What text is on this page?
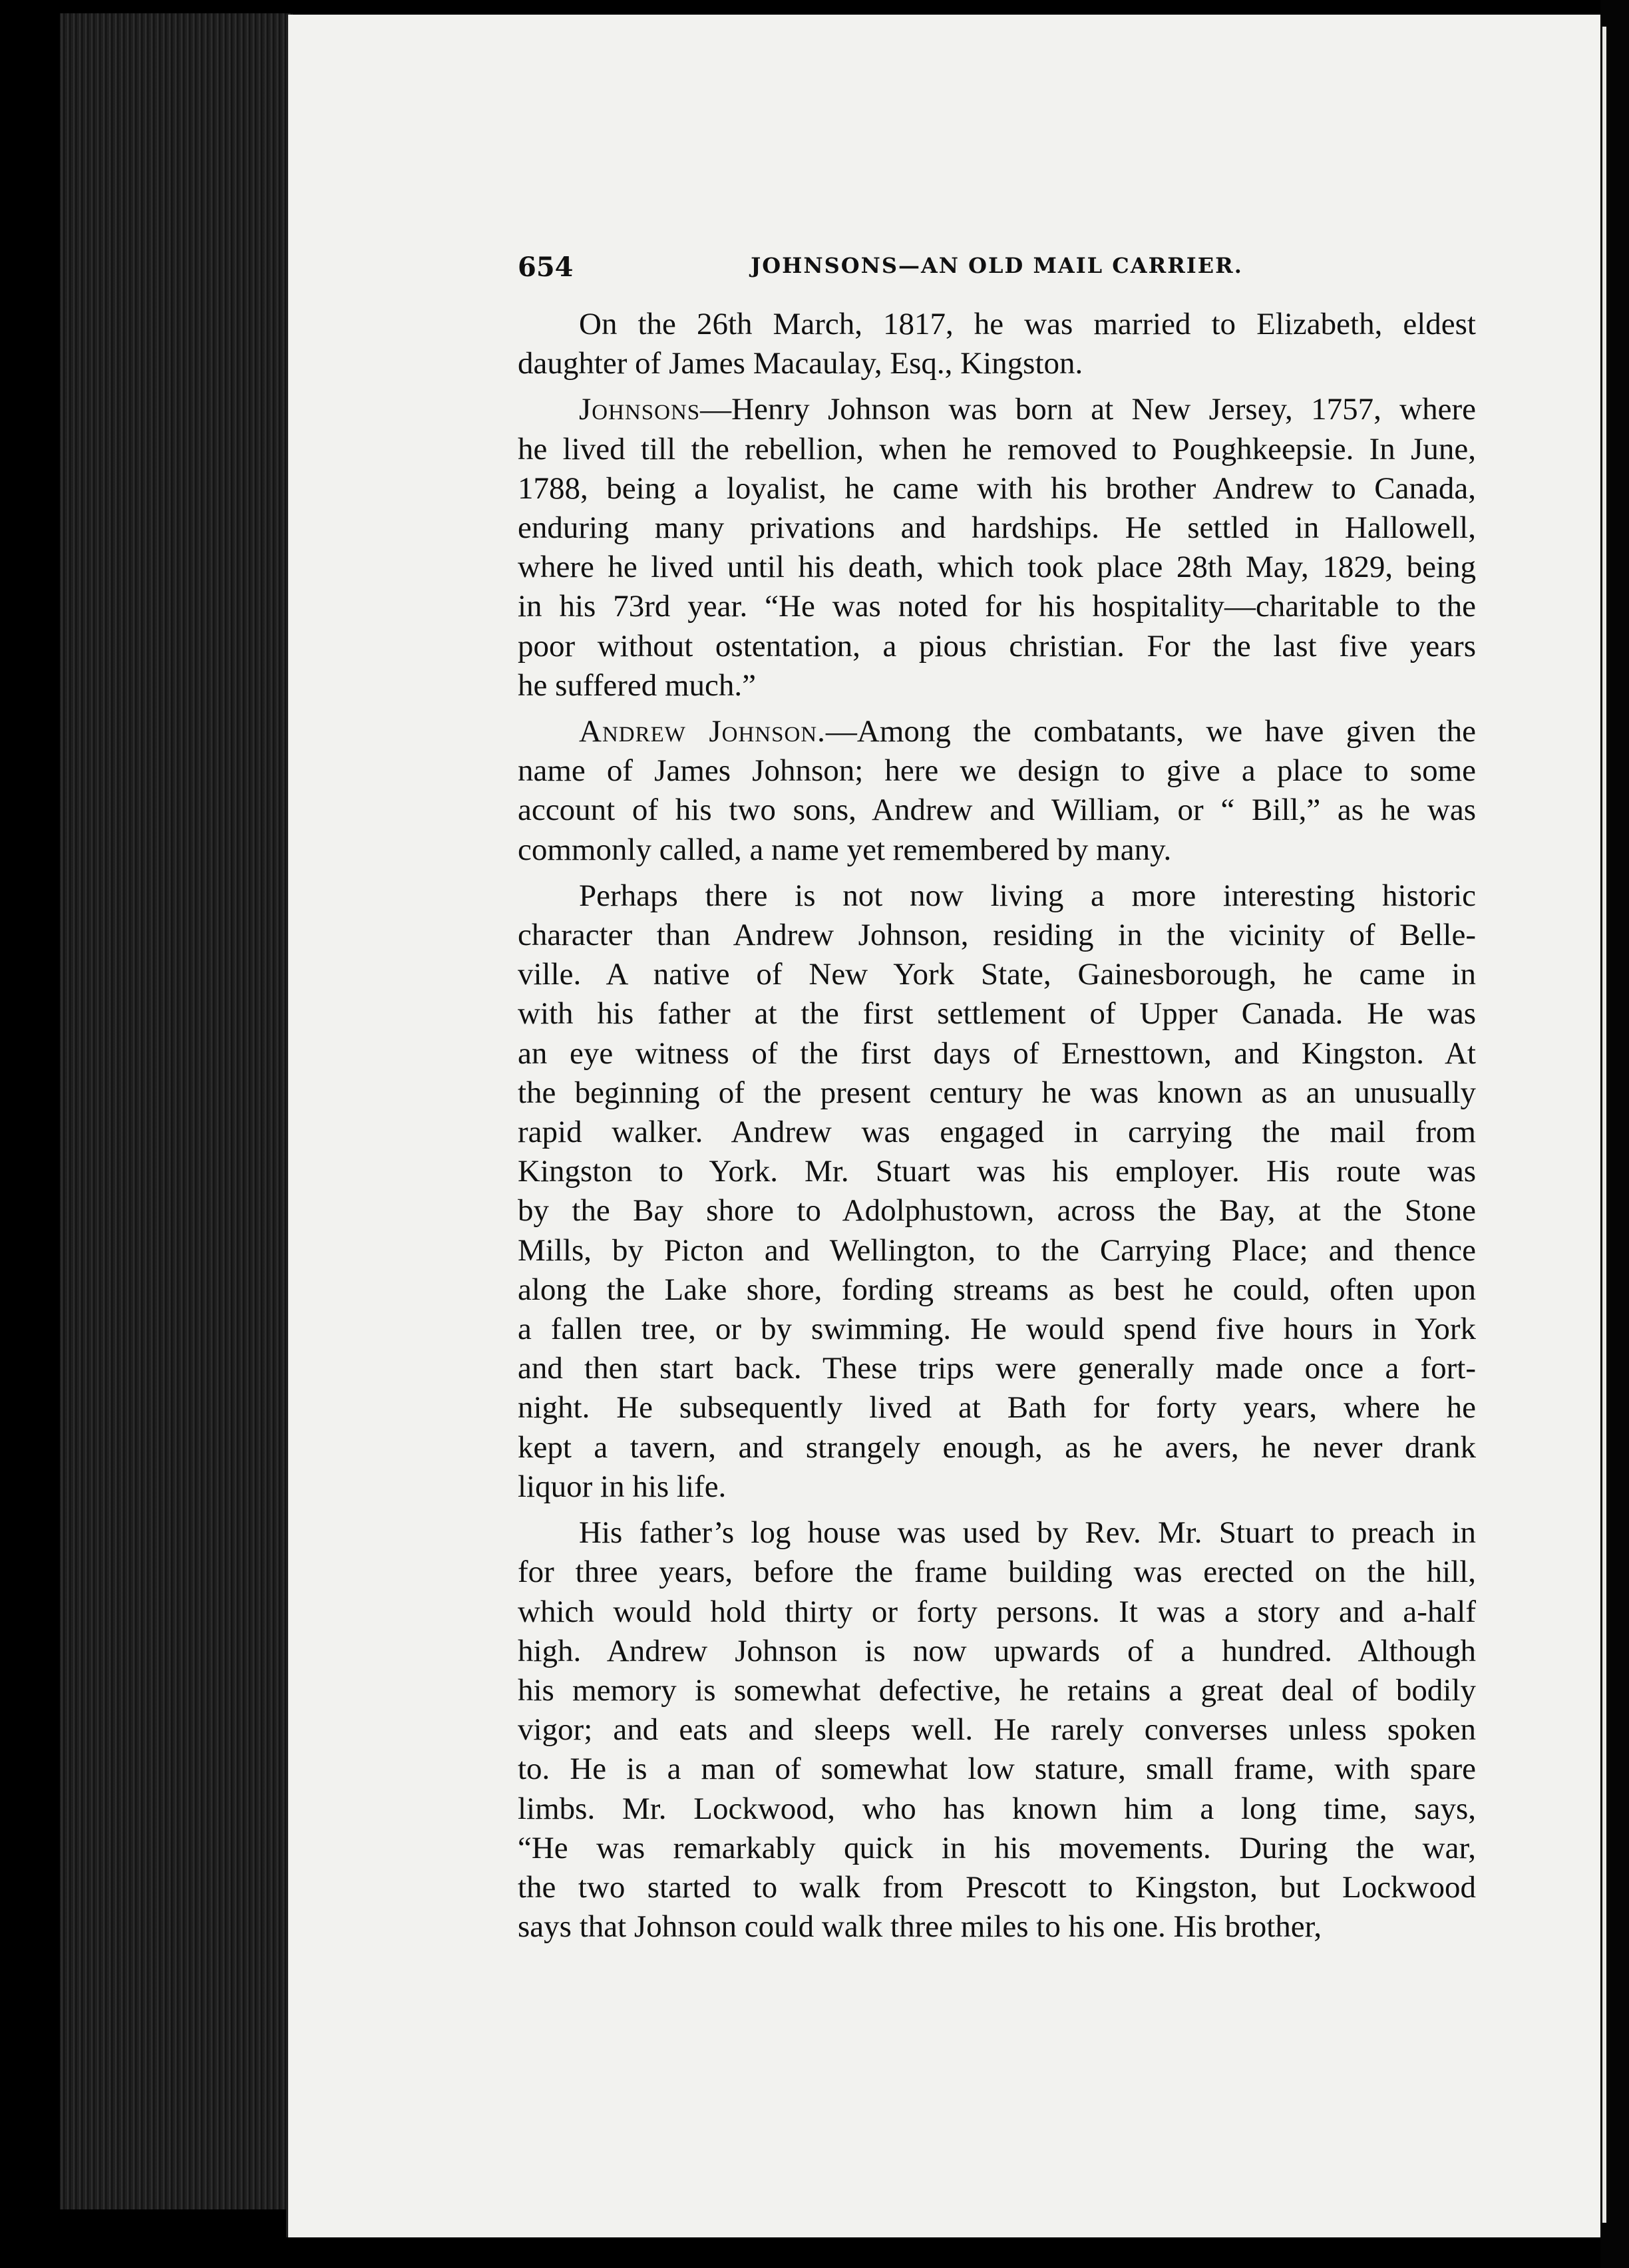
654	JOHNSONS—AN OLD MAIL CARRIER.

On the 26th March, 1817, he was married to Elizabeth, eldest

daughter of James Macaulay, Esq., Kingston.

Johnsons—Henry Johnson was born at New Jersey, 1757, where

he lived till the rebellion, when he removed to Poughkeepsie. In June,

1788, being a loyalist, he came with his brother Andrew to Canada,

enduring many privations and hardships. He settled in Hallowell,

where he lived until his death, which took place 28th May, 1829, being

in his 73rd year. “He was noted for his hospitality—charitable to the

poor without ostentation, a pious christian. For the last five years

he suffered much.”

Andrew Johnson.—Among the combatants, we have given the

name of James Johnson; here we design to give a place to some

account of his two sons, Andrew and William, or “ Bill,” as he was

commonly called, a name yet remembered by many.

Perhaps there is not now living a more interesting historic

character than Andrew Johnson, residing in the vicinity of Belle-

ville. A native of New York State, Gainesborough, he came in

with his father at the first settlement of Upper Canada. He was

an eye witness of the first days of Ernesttown, and Kingston. At

the beginning of the present century he was known as an unusually

rapid walker. Andrew was engaged in carrying the mail from

Kingston to York. Mr. Stuart was his employer. His route was

by the Bay shore to Adolphustown, across the Bay, at the Stone

Mills, by Picton and Wellington, to the Carrying Place; and thence

along the Lake shore, fording streams as best he could, often upon

a fallen tree, or by swimming. He would spend five hours in York

and then start back. These trips were generally made once a fort-

night. He subsequently lived at Bath for forty years, where he

kept a tavern, and strangely enough, as he avers, he never drank

liquor in his life.

His father’s log house was used by Rev. Mr. Stuart to preach in

for three years, before the frame building was erected on the hill,

which would hold thirty or forty persons. It was a story and a-half

high. Andrew Johnson is now upwards of a hundred. Although

his memory is somewhat defective, he retains a great deal of bodily

vigor; and eats and sleeps well. He rarely converses unless spoken

to. He is a man of somewhat low stature, small frame, with spare

limbs. Mr. Lockwood, who has known him a long time, says,

“He was remarkably quick in his movements. During the war,

the two started to walk from Prescott to Kingston, but Lockwood

says that Johnson could walk three miles to his one. His brother,
